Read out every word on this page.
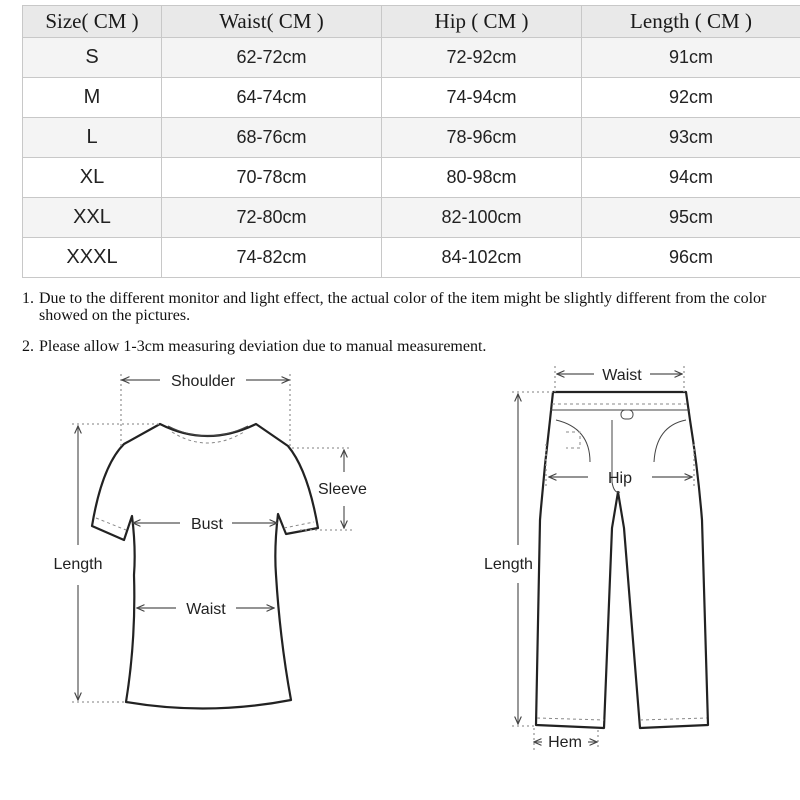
Size( CM )	Waist( CM )	Hip ( CM )	Length ( CM )
S	62-72cm	72-92cm	91cm
M	64-74cm	74-94cm	92cm
L	68-76cm	78-96cm	93cm
XL	70-78cm	80-98cm	94cm
XXL	72-80cm	82-100cm	95cm
XXXL	74-82cm	84-102cm	96cm
1. Due to the different monitor and light effect, the actual color of the item might be slightly different from the color showed on the pictures.
2. Please allow 1-3cm measuring deviation due to manual measurement.
Shoulder
Sleeve
Bust
Length
Waist
Waist
Hip
Length
Hem
